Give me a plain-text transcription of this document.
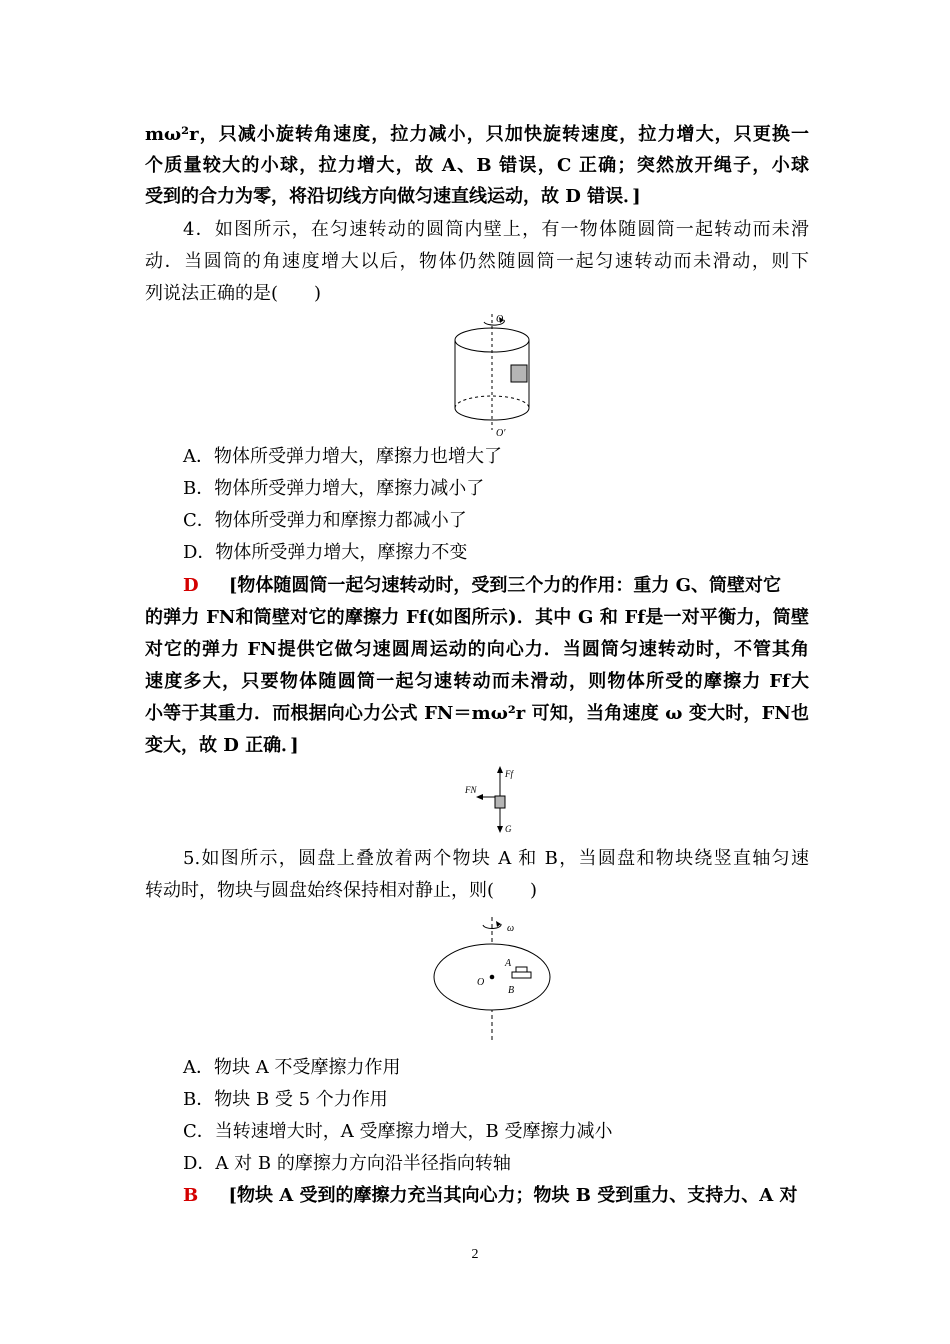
mω²r，只减小旋转角速度，拉力减小，只加快旋转速度，拉力增大，只更换一
个质量较大的小球，拉力增大，故 A、B 错误，C 正确；突然放开绳子，小球
受到的合力为零，将沿切线方向做匀速直线运动，故 D 错误．]
4．如图所示，在匀速转动的圆筒内壁上，有一物体随圆筒一起转动而未滑
动．当圆筒的角速度增大以后，物体仍然随圆筒一起匀速转动而未滑动，则下
列说法正确的是(　　)
O
O′
A．物体所受弹力增大，摩擦力也增大了
B．物体所受弹力增大，摩擦力减小了
C．物体所受弹力和摩擦力都减小了
D．物体所受弹力增大，摩擦力不变
D [物体随圆筒一起匀速转动时，受到三个力的作用：重力 G、筒壁对它
的弹力 FN和筒壁对它的摩擦力 Ff(如图所示)．其中 G 和 Ff是一对平衡力，筒壁
对它的弹力 FN提供它做匀速圆周运动的向心力．当圆筒匀速转动时，不管其角
速度多大，只要物体随圆筒一起匀速转动而未滑动，则物体所受的摩擦力 Ff大
小等于其重力．而根据向心力公式 FN＝mω²r 可知，当角速度 ω 变大时，FN也
变大，故 D 正确．]
Ff
FN
G
5.如图所示，圆盘上叠放着两个物块 A 和 B，当圆盘和物块绕竖直轴匀速
转动时，物块与圆盘始终保持相对静止，则(　　)
ω
O
A
B
A．物块 A 不受摩擦力作用
B．物块 B 受 5 个力作用
C．当转速增大时，A 受摩擦力增大，B 受摩擦力减小
D．A 对 B 的摩擦力方向沿半径指向转轴
B [物块 A 受到的摩擦力充当其向心力；物块 B 受到重力、支持力、A 对
2
